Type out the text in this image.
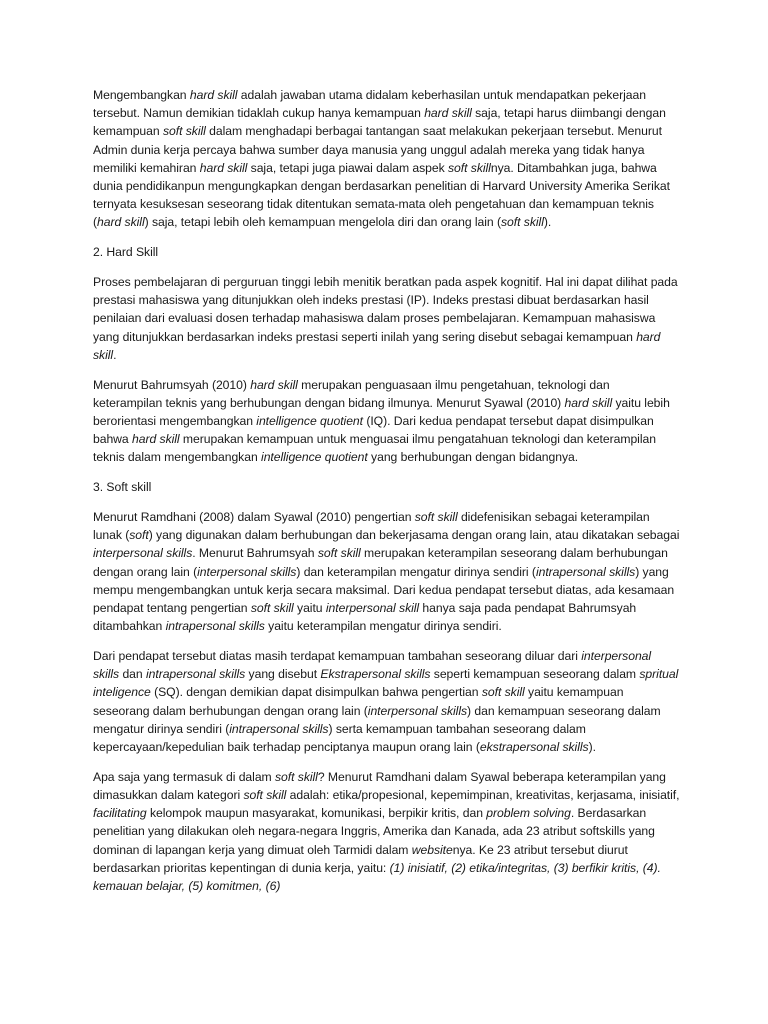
Mengembangkan hard skill adalah jawaban utama didalam keberhasilan untuk mendapatkan pekerjaan tersebut. Namun demikian tidaklah cukup hanya kemampuan hard skill saja, tetapi harus diimbangi dengan kemampuan soft skill dalam menghadapi berbagai tantangan saat melakukan pekerjaan tersebut. Menurut Admin dunia kerja percaya bahwa sumber daya manusia yang unggul adalah mereka yang tidak hanya memiliki kemahiran hard skill saja, tetapi juga piawai dalam aspek soft skillnya. Ditambahkan juga, bahwa dunia pendidikanpun mengungkapkan dengan berdasarkan penelitian di Harvard University Amerika Serikat ternyata kesuksesan seseorang tidak ditentukan semata-mata oleh pengetahuan dan kemampuan teknis (hard skill) saja, tetapi lebih oleh kemampuan mengelola diri dan orang lain (soft skill).

2. Hard Skill

Proses pembelajaran di perguruan tinggi lebih menitik beratkan pada aspek kognitif. Hal ini dapat dilihat pada prestasi mahasiswa yang ditunjukkan oleh indeks prestasi (IP). Indeks prestasi dibuat berdasarkan hasil penilaian dari evaluasi dosen terhadap mahasiswa dalam proses pembelajaran. Kemampuan mahasiswa yang ditunjukkan berdasarkan indeks prestasi seperti inilah yang sering disebut sebagai kemampuan hard skill.

Menurut Bahrumsyah (2010) hard skill merupakan penguasaan ilmu pengetahuan, teknologi dan keterampilan teknis yang berhubungan dengan bidang ilmunya. Menurut Syawal (2010) hard skill yaitu lebih berorientasi mengembangkan intelligence quotient (IQ). Dari kedua pendapat tersebut dapat disimpulkan bahwa hard skill merupakan kemampuan untuk menguasai ilmu pengatahuan teknologi dan keterampilan teknis dalam mengembangkan intelligence quotient yang berhubungan dengan bidangnya.

3. Soft skill

Menurut Ramdhani (2008) dalam Syawal (2010) pengertian soft skill didefenisikan sebagai keterampilan lunak (soft) yang digunakan dalam berhubungan dan bekerjasama dengan orang lain, atau dikatakan sebagai interpersonal skills. Menurut Bahrumsyah soft skill merupakan keterampilan seseorang dalam berhubungan dengan orang lain (interpersonal skills) dan keterampilan mengatur dirinya sendiri (intrapersonal skills) yang mempu mengembangkan untuk kerja secara maksimal. Dari kedua pendapat tersebut diatas, ada kesamaan pendapat tentang pengertian soft skill yaitu interpersonal skill hanya saja pada pendapat Bahrumsyah ditambahkan intrapersonal skills yaitu keterampilan mengatur dirinya sendiri.

Dari pendapat tersebut diatas masih terdapat kemampuan tambahan seseorang diluar dari interpersonal skills dan intrapersonal skills yang disebut Ekstrapersonal skills seperti kemampuan seseorang dalam spritual inteligence (SQ). dengan demikian dapat disimpulkan bahwa pengertian soft skill yaitu kemampuan seseorang dalam berhubungan dengan orang lain (interpersonal skills) dan kemampuan seseorang dalam mengatur dirinya sendiri (intrapersonal skills) serta kemampuan tambahan seseorang dalam kepercayaan/kepedulian baik terhadap penciptanya maupun orang lain (ekstrapersonal skills).

Apa saja yang termasuk di dalam soft skill? Menurut Ramdhani dalam Syawal beberapa keterampilan yang dimasukkan dalam kategori soft skill adalah: etika/propesional, kepemimpinan, kreativitas, kerjasama, inisiatif, facilitating kelompok maupun masyarakat, komunikasi, berpikir kritis, dan problem solving. Berdasarkan penelitian yang dilakukan oleh negara-negara Inggris, Amerika dan Kanada, ada 23 atribut softskills yang dominan di lapangan kerja yang dimuat oleh Tarmidi dalam websitenya. Ke 23 atribut tersebut diurut berdasarkan prioritas kepentingan di dunia kerja, yaitu: (1) inisiatif, (2) etika/integritas, (3) berfikir kritis, (4). kemauan belajar, (5) komitmen, (6)
